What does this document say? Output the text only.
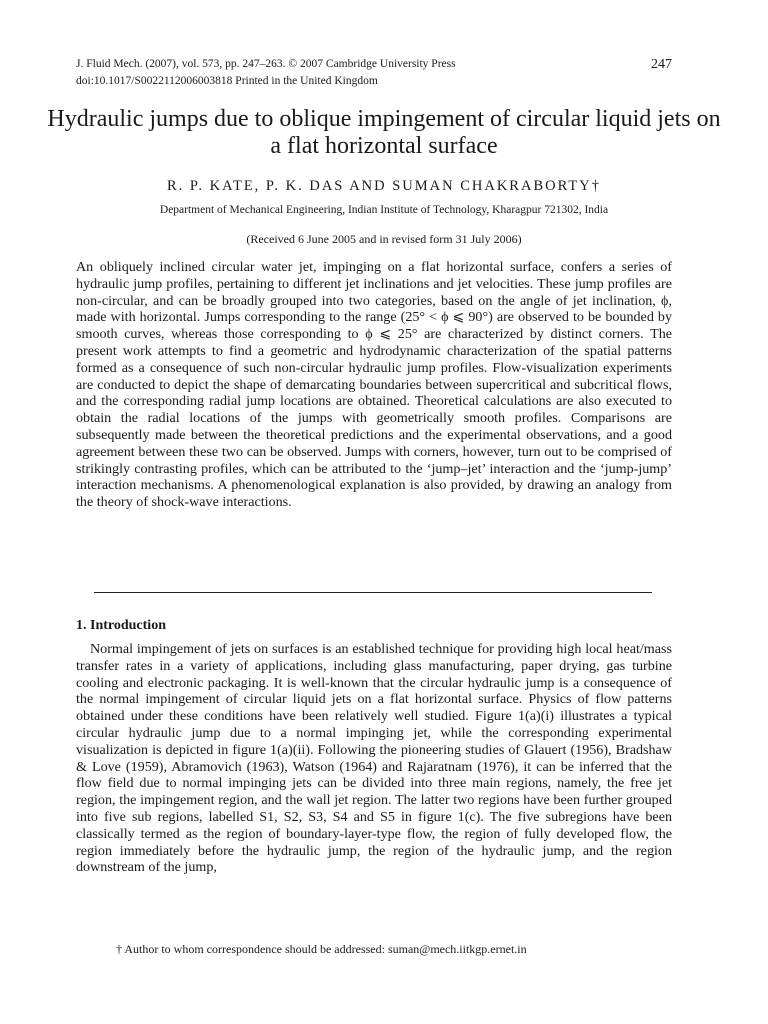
J. Fluid Mech. (2007), vol. 573, pp. 247–263. © 2007 Cambridge University Press
doi:10.1017/S0022112006003818 Printed in the United Kingdom
247
Hydraulic jumps due to oblique impingement of circular liquid jets on a flat horizontal surface
R. P. KATE, P. K. DAS AND SUMAN CHAKRABORTY†
Department of Mechanical Engineering, Indian Institute of Technology, Kharagpur 721302, India
(Received 6 June 2005 and in revised form 31 July 2006)

An obliquely inclined circular water jet, impinging on a flat horizontal surface, confers a series of hydraulic jump profiles, pertaining to different jet inclinations and jet velocities. These jump profiles are non-circular, and can be broadly grouped into two categories, based on the angle of jet inclination, ϕ, made with horizontal. Jumps corresponding to the range (25° < ϕ ⩽ 90°) are observed to be bounded by smooth curves, whereas those corresponding to ϕ ⩽ 25° are characterized by distinct corners. The present work attempts to find a geometric and hydrodynamic characterization of the spatial patterns formed as a consequence of such non-circular hydraulic jump profiles. Flow-visualization experiments are conducted to depict the shape of demarcating boundaries between supercritical and subcritical flows, and the corresponding radial jump locations are obtained. Theoretical calculations are also executed to obtain the radial locations of the jumps with geometrically smooth profiles. Comparisons are subsequently made between the theoretical predictions and the experimental observations, and a good agreement between these two can be observed. Jumps with corners, however, turn out to be comprised of strikingly contrasting profiles, which can be attributed to the ‘jump–jet’ interaction and the ‘jump-jump’ interaction mechanisms. A phenomenological explanation is also provided, by drawing an analogy from the theory of shock-wave interactions.

1. Introduction

Normal impingement of jets on surfaces is an established technique for providing high local heat/mass transfer rates in a variety of applications, including glass manufacturing, paper drying, gas turbine cooling and electronic packaging. It is well-known that the circular hydraulic jump is a consequence of the normal impingement of circular liquid jets on a flat horizontal surface. Physics of flow patterns obtained under these conditions have been relatively well studied. Figure 1(a)(i) illustrates a typical circular hydraulic jump due to a normal impinging jet, while the corresponding experimental visualization is depicted in figure 1(a)(ii). Following the pioneering studies of Glauert (1956), Bradshaw & Love (1959), Abramovich (1963), Watson (1964) and Rajaratnam (1976), it can be inferred that the flow field due to normal impinging jets can be divided into three main regions, namely, the free jet region, the impingement region, and the wall jet region. The latter two regions have been further grouped into five sub regions, labelled S1, S2, S3, S4 and S5 in figure 1(c). The five subregions have been classically termed as the region of boundary-layer-type flow, the region of fully developed flow, the region immediately before the hydraulic jump, the region of the hydraulic jump, and the region downstream of the jump,

† Author to whom correspondence should be addressed: suman@mech.iitkgp.ernet.in
